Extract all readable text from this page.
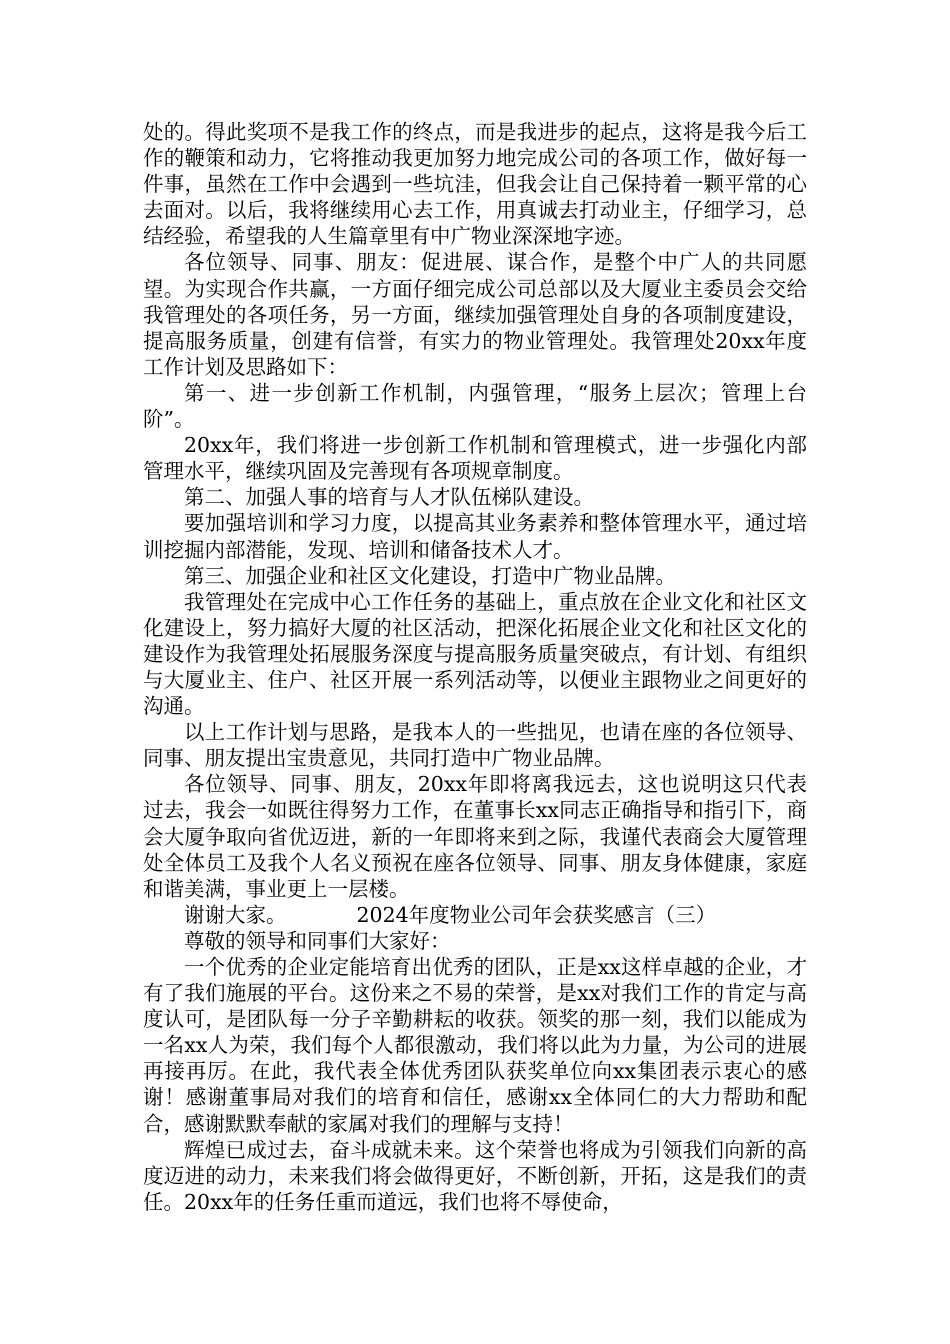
处的。得此奖项不是我工作的终点，而是我进步的起点，这将是我今后工作的鞭策和动力，它将推动我更加努力地完成公司的各项工作，做好每一件事，虽然在工作中会遇到一些坑洼，但我会让自己保持着一颗平常的心去面对。以后，我将继续用心去工作，用真诚去打动业主，仔细学习，总结经验，希望我的人生篇章里有中广物业深深地字迹。

各位领导、同事、朋友：促进展、谋合作，是整个中广人的共同愿望。为实现合作共赢，一方面仔细完成公司总部以及大厦业主委员会交给我管理处的各项任务，另一方面，继续加强管理处自身的各项制度建设，提高服务质量，创建有信誉，有实力的物业管理处。我管理处20xx年度工作计划及思路如下：

第一、进一步创新工作机制，内强管理，“服务上层次；管理上台阶”。

20xx年，我们将进一步创新工作机制和管理模式，进一步强化内部管理水平，继续巩固及完善现有各项规章制度。

第二、加强人事的培育与人才队伍梯队建设。

要加强培训和学习力度，以提高其业务素养和整体管理水平，通过培训挖掘内部潜能，发现、培训和储备技术人才。

第三、加强企业和社区文化建设，打造中广物业品牌。

我管理处在完成中心工作任务的基础上，重点放在企业文化和社区文化建设上，努力搞好大厦的社区活动，把深化拓展企业文化和社区文化的建设作为我管理处拓展服务深度与提高服务质量突破点，有计划、有组织与大厦业主、住户、社区开展一系列活动等，以便业主跟物业之间更好的沟通。

以上工作计划与思路，是我本人的一些拙见，也请在座的各位领导、同事、朋友提出宝贵意见，共同打造中广物业品牌。

各位领导、同事、朋友，20xx年即将离我远去，这也说明这只代表过去，我会一如既往得努力工作，在董事长xx同志正确指导和指引下，商会大厦争取向省优迈进，新的一年即将来到之际，我谨代表商会大厦管理处全体员工及我个人名义预祝在座各位领导、同事、朋友身体健康，家庭和谐美满，事业更上一层楼。

谢谢大家。	2024年度物业公司年会获奖感言（三）

尊敬的领导和同事们大家好：

一个优秀的企业定能培育出优秀的团队，正是xx这样卓越的企业，才有了我们施展的平台。这份来之不易的荣誉，是xx对我们工作的肯定与高度认可，是团队每一分子辛勤耕耘的收获。领奖的那一刻，我们以能成为一名xx人为荣，我们每个人都很激动，我们将以此为力量，为公司的进展再接再厉。在此，我代表全体优秀团队获奖单位向xx集团表示衷心的感谢！感谢董事局对我们的培育和信任，感谢xx全体同仁的大力帮助和配合，感谢默默奉献的家属对我们的理解与支持！

辉煌已成过去，奋斗成就未来。这个荣誉也将成为引领我们向新的高度迈进的动力，未来我们将会做得更好，不断创新，开拓，这是我们的责任。20xx年的任务任重而道远，我们也将不辱使命，
